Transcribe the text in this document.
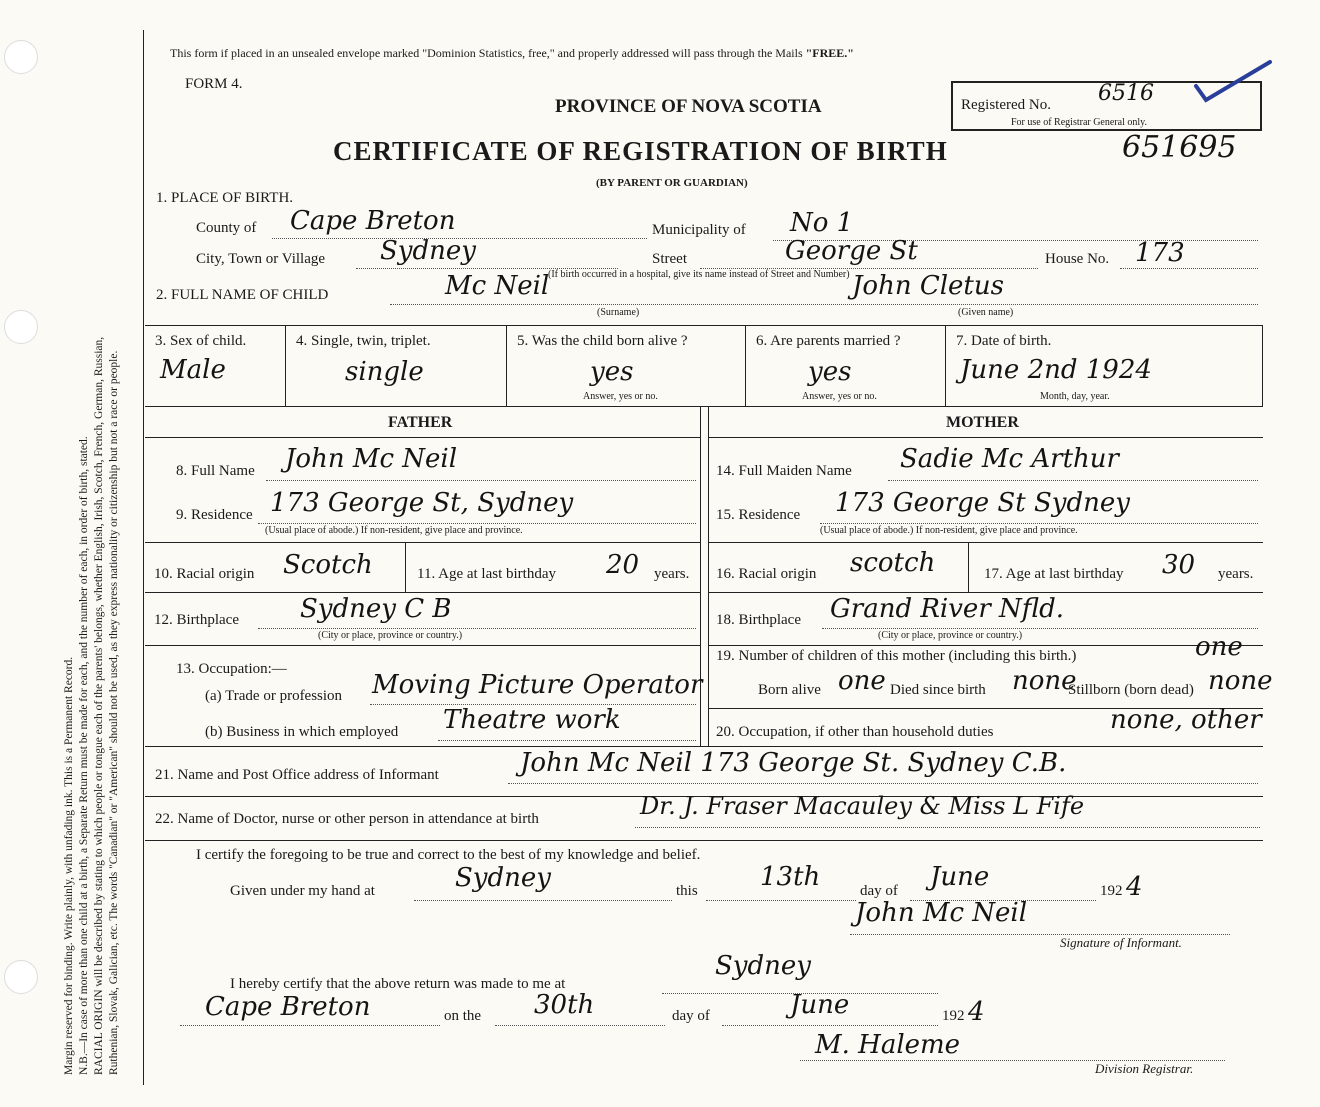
Margin reserved for binding. Write plainly, with unfading ink. This is a Permanent Record. N.B.—In case of more than one child at a birth, a Separate Return must be made for each, and the number of each, in order of birth, stated. RACIAL ORIGIN will be described by stating to which people or tongue each of the parents' belongs, whether English, Irish, Scotch, French, German, Russian, Ruthenian, Slovak, Galician, etc. The words "Canadian" or "American" should not be used, as they express nationality or citizenship but not a race or people.
This form if placed in an unsealed envelope marked "Dominion Statistics, free," and properly addressed will pass through the Mails "FREE."
FORM 4.
PROVINCE OF NOVA SCOTIA
CERTIFICATE OF REGISTRATION OF BIRTH
(BY PARENT OR GUARDIAN)
Registered No.
For use of Registrar General only.
6516
651695
1. PLACE OF BIRTH.
County of Cape Breton	Municipality of No 1
City, Town or Village Sydney	Street	George St	House No. 173
(If birth occurred in a hospital, give its name instead of Street and Number)
2. FULL NAME OF CHILD	Mc Neil
(Surname)
John Cletus
(Given name)
3. Sex of child.
Male
4. Single, twin, triplet.
single
5. Was the child born alive ?
yes
Answer, yes or no.
6. Are parents married ?
yes
Answer, yes or no.
7. Date of birth.
June 2nd 1924
Month, day, year.
FATHER	MOTHER
8. Full Name John Mc Neil	14. Full Maiden Name Sadie Mc Arthur
9. Residence 173 George St, Sydney
(Usual place of abode.) If non-resident, give place and province.
15. Residence 173 George St Sydney
(Usual place of abode.) If non-resident, give place and province.
10. Racial origin Scotch	11. Age at last birthday 20 years. 16. Racial origin scotch	17. Age at last birthday 30 years.
12. Birthplace Sydney C B
(City or place, province or country.)
18. Birthplace Grand River Nfld.
(City or place, province or country.)
13. Occupation:—
(a) Trade or profession Moving Picture Operator
(b) Business in which employed Theatre work
19. Number of children of this mother (including this birth.)	one
Born alive one Died since birth none
Stillborn (born dead) none
20. Occupation, if other than household duties	none, other
21. Name and Post Office address of Informant	John Mc Neil 173 George St. Sydney C.B.
22. Name of Doctor, nurse or other person in attendance at birth	Dr. J. Fraser Macauley & Miss L Fife
I certify the foregoing to be true and correct to the best of my knowledge and belief.
Given under my hand at	Sydney	this 13th	day of June	192 4
John Mc Neil
Signature of Informant.
I hereby certify that the above return was made to me at
Sydney
Cape Breton	on the 30th	day of	June	192 4
M. Haleme
Division Registrar.
